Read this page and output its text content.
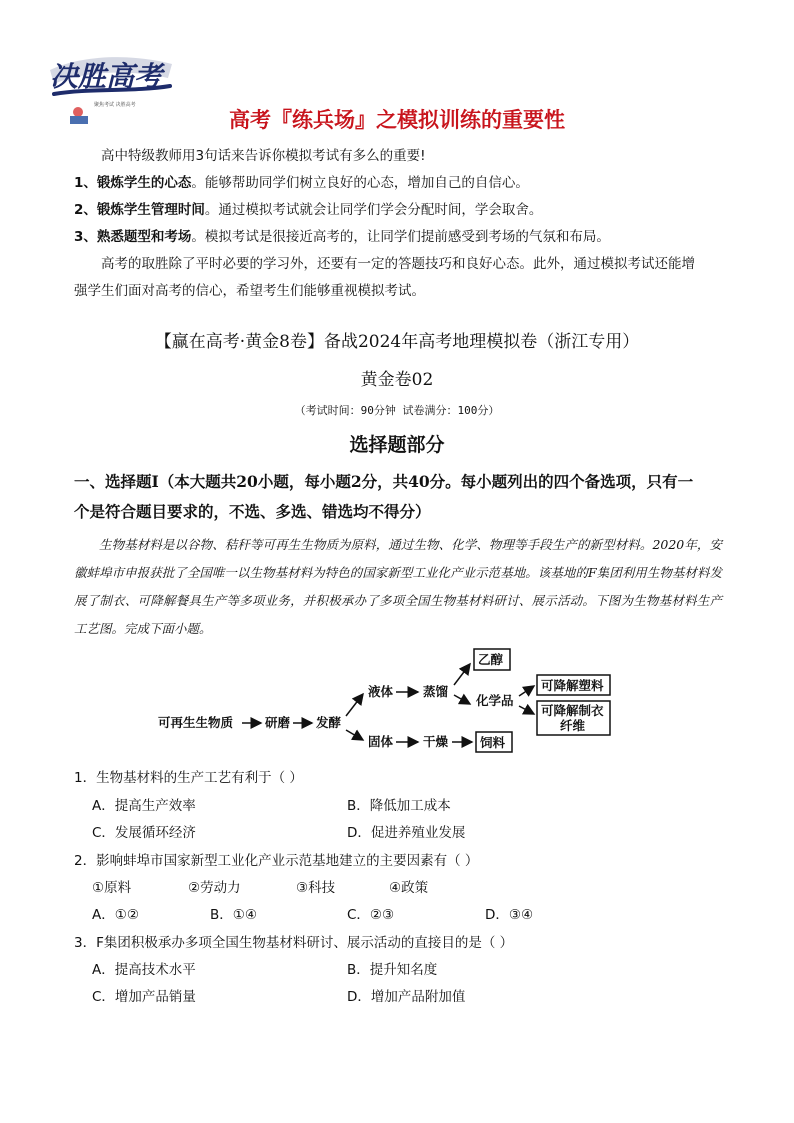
决胜高考
聚焦考试 决胜高考
高考『练兵场』之模拟训练的重要性
高中特级教师用3句话来告诉你模拟考试有多么的重要!
1、锻炼学生的心态。能够帮助同学们树立良好的心态，增加自己的自信心。
2、锻炼学生管理时间。通过模拟考试就会让同学们学会分配时间，学会取舍。
3、熟悉题型和考场。模拟考试是很接近高考的，让同学们提前感受到考场的气氛和布局。
高考的取胜除了平时必要的学习外，还要有一定的答题技巧和良好心态。此外，通过模拟考试还能增
强学生们面对高考的信心，希望考生们能够重视模拟考试。
【赢在高考·黄金8卷】备战2024年高考地理模拟卷（浙江专用）
黄金卷02
（考试时间：90分钟 试卷满分：100分）
选择题部分
一、选择题Ⅰ（本大题共20小题，每小题2分，共40分。每小题列出的四个备选项，只有一
个是符合题目要求的，不选、多选、错选均不得分）
生物基材料是以谷物、秸秆等可再生生物质为原料，通过生物、化学、物理等手段生产的新型材料。2020年，安徽蚌埠市申报获批了全国唯一以生物基材料为特色的国家新型工业化产业示范基地。该基地的F集团利用生物基材料发展了制衣、可降解餐具生产等多项业务，并积极承办了多项全国生物基材料研讨、展示活动。下图为生物基材料生产工艺图。完成下面小题。
可再生生物质	研磨 发酵
液体 蒸馏
乙醇
化学品
可降解塑料
可降解制衣
纤维
固体 干燥	饲料
1．生物基材料的生产工艺有利于（ ）
A．提高生产效率	B．降低加工成本
C．发展循环经济	D．促进养殖业发展
2．影响蚌埠市国家新型工业化产业示范基地建立的主要因素有（ ）
①原料	②劳动力	③科技	④政策
A．①②	B．①④	C．②③	D．③④
3．F集团积极承办多项全国生物基材料研讨、展示活动的直接目的是（ ）
A．提高技术水平	B．提升知名度
C．增加产品销量	D．增加产品附加值
